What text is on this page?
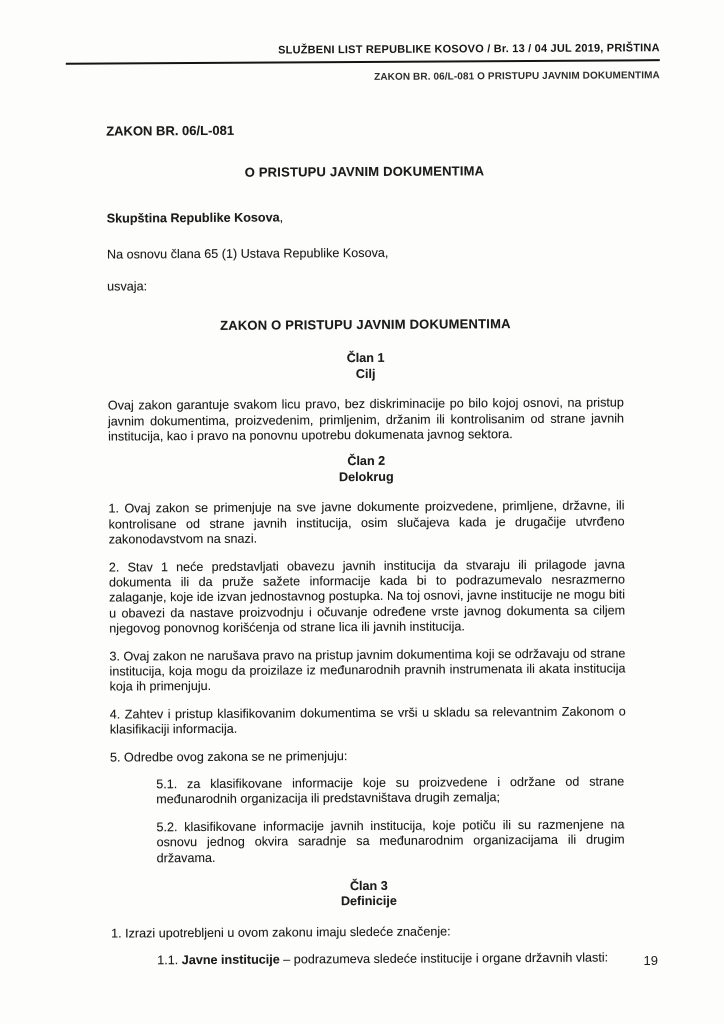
SLUŽBENI LIST REPUBLIKE KOSOVO / Br. 13 / 04 JUL 2019, PRIŠTINA
ZAKON BR. 06/L-081 O PRISTUPU JAVNIM DOKUMENTIMA
ZAKON BR. 06/L-081
O PRISTUPU JAVNIM DOKUMENTIMA
Skupština Republike Kosova,
Na osnovu člana 65 (1) Ustava Republike Kosova,
usvaja:
ZAKON O PRISTUPU JAVNIM DOKUMENTIMA
Član 1
Cilj

Ovaj zakon garantuje svakom licu pravo, bez diskriminacije po bilo kojoj osnovi, na pristup javnim dokumentima, proizvedenim, primljenim, držanim ili kontrolisanim od strane javnih institucija, kao i pravo na ponovnu upotrebu dokumenata javnog sektora.

Član 2
Delokrug

1. Ovaj zakon se primenjuje na sve javne dokumente proizvedene, primljene, državne, ili kontrolisane od strane javnih institucija, osim slučajeva kada je drugačije utvrđeno zakonodavstvom na snazi.

2. Stav 1 neće predstavljati obavezu javnih institucija da stvaraju ili prilagode javna dokumenta ili da pruže sažete informacije kada bi to podrazumevalo nesrazmerno zalaganje, koje ide izvan jednostavnog postupka. Na toj osnovi, javne institucije ne mogu biti u obavezi da nastave proizvodnju i očuvanje određene vrste javnog dokumenta sa ciljem njegovog ponovnog korišćenja od strane lica ili javnih institucija.

3. Ovaj zakon ne narušava pravo na pristup javnim dokumentima koji se održavaju od strane institucija, koja mogu da proizilaze iz međunarodnih pravnih instrumenata ili akata institucija koja ih primenjuju.

4. Zahtev i pristup klasifikovanim dokumentima se vrši u skladu sa relevantnim Zakonom o klasifikaciji informacija.

5. Odredbe ovog zakona se ne primenjuju:

5.1. za klasifikovane informacije koje su proizvedene i održane od strane međunarodnih organizacija ili predstavništava drugih zemalja;

5.2. klasifikovane informacije javnih institucija, koje potiču ili su razmenjene na osnovu jednog okvira saradnje sa međunarodnim organizacijama ili drugim državama.

Član 3
Definicije

1. Izrazi upotrebljeni u ovom zakonu imaju sledeće značenje:

1.1. Javne institucije – podrazumeva sledeće institucije i organe državnih vlasti:	19
